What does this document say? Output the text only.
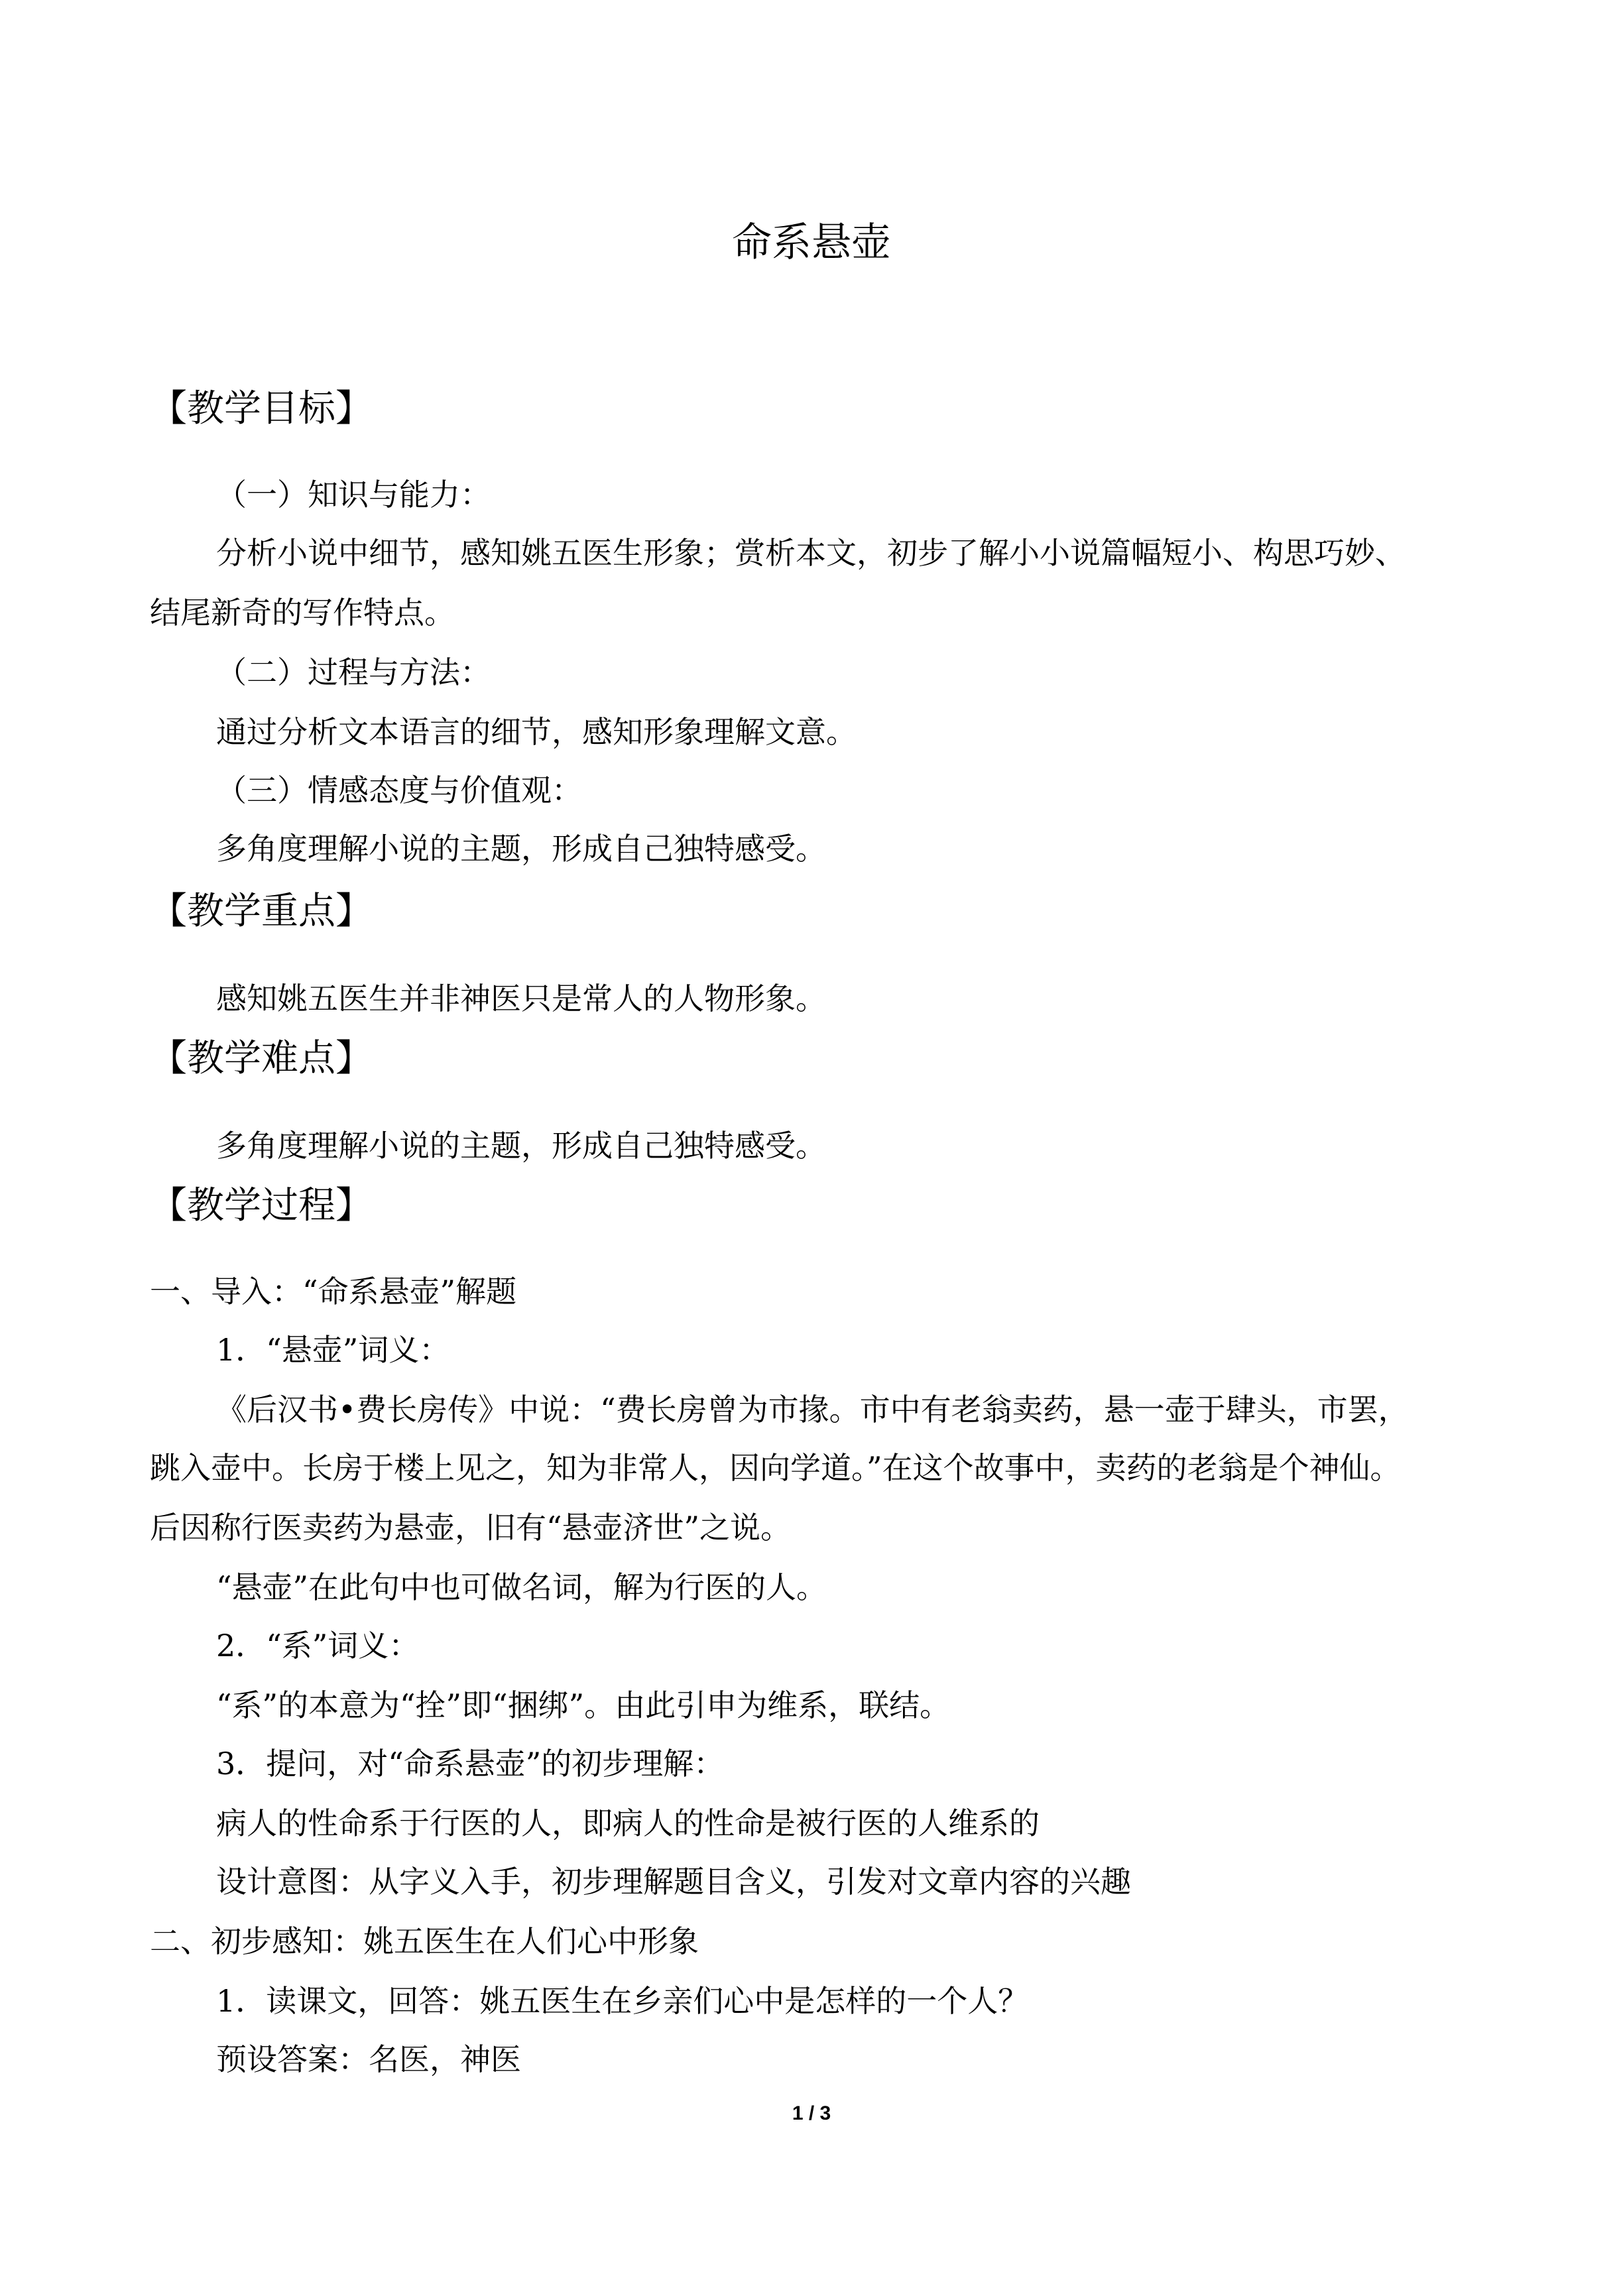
命系悬壶
【教学目标】
（一）知识与能力：
分析小说中细节，感知姚五医生形象；赏析本文，初步了解小小说篇幅短小、构思巧妙、
结尾新奇的写作特点。
（二）过程与方法：
通过分析文本语言的细节，感知形象理解文意。
（三）情感态度与价值观：
多角度理解小说的主题，形成自己独特感受。
【教学重点】
感知姚五医生并非神医只是常人的人物形象。
【教学难点】
多角度理解小说的主题，形成自己独特感受。
【教学过程】
一、导入：“命系悬壶”解题
1．“悬壶”词义：
《后汉书•费长房传》中说：“费长房曾为市掾。市中有老翁卖药，悬一壶于肆头，市罢，
跳入壶中。长房于楼上见之，知为非常人，因向学道。”在这个故事中，卖药的老翁是个神仙。
后因称行医卖药为悬壶，旧有“悬壶济世”之说。
“悬壶”在此句中也可做名词，解为行医的人。
2．“系”词义：
“系”的本意为“拴”即“捆绑”。由此引申为维系，联结。
3．提问，对“命系悬壶”的初步理解：
病人的性命系于行医的人，即病人的性命是被行医的人维系的
设计意图：从字义入手，初步理解题目含义，引发对文章内容的兴趣
二、初步感知：姚五医生在人们心中形象
1．读课文，回答：姚五医生在乡亲们心中是怎样的一个人？
预设答案：名医，神医
1 / 3
